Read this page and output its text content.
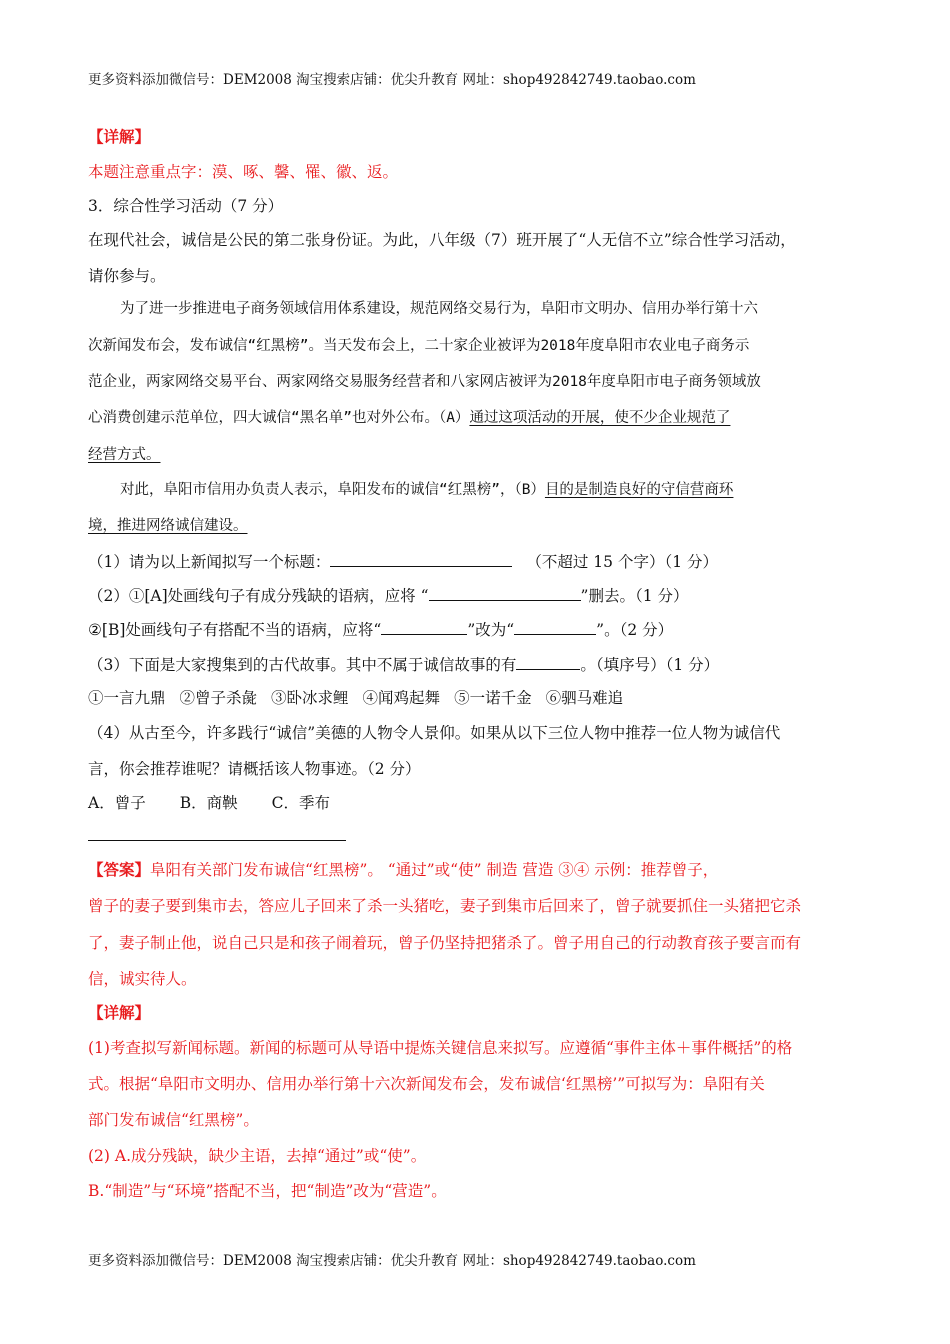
更多资料添加微信号：DEM2008 淘宝搜索店铺：优尖升教育 网址：shop492842749.taobao.com

【详解】

本题注意重点字：漠、啄、馨、罹、徽、返。

3．综合性学习活动（7 分）

在现代社会，诚信是公民的第二张身份证。为此，八年级（7）班开展了“人无信不立”综合性学习活动，

请你参与。

为了进一步推进电子商务领域信用体系建设，规范网络交易行为，阜阳市文明办、信用办举行第十六

次新闻发布会，发布诚信“红黑榜”。当天发布会上，二十家企业被评为2018年度阜阳市农业电子商务示

范企业，两家网络交易平台、两家网络交易服务经营者和八家网店被评为2018年度阜阳市电子商务领域放

心消费创建示范单位，四大诚信“黑名单”也对外公布。（A）通过这项活动的开展，使不少企业规范了

经营方式。

对此，阜阳市信用办负责人表示，阜阳发布的诚信“红黑榜”，（B）目的是制造良好的守信营商环

境，推进网络诚信建设。

（1）请为以上新闻拟写一个标题：	（不超过 15 个字）（1 分）

（2）①[A]处画线句子有成分残缺的语病，应将 “	”删去。（1 分）

②[B]处画线句子有搭配不当的语病，应将“	”改为“	”。（2 分）

（3）下面是大家搜集到的古代故事。其中不属于诚信故事的有	。（填序号）（1 分）

①一言九鼎 ②曾子杀彘 ③卧冰求鲤 ④闻鸡起舞 ⑤一诺千金 ⑥驷马难追

（4）从古至今，许多践行“诚信”美德的人物令人景仰。如果从以下三位人物中推荐一位人物为诚信代

言，你会推荐谁呢？请概括该人物事迹。（2 分）

A．曾子 B．商鞅 C．季布

【答案】阜阳有关部门发布诚信“红黑榜”。 “通过”或“使” 制造 营造 ③④ 示例：推荐曾子，

曾子的妻子要到集市去，答应儿子回来了杀一头猪吃，妻子到集市后回来了，曾子就要抓住一头猪把它杀

了，妻子制止他，说自己只是和孩子闹着玩，曾子仍坚持把猪杀了。曾子用自己的行动教育孩子要言而有

信，诚实待人。

【详解】

(1)考查拟写新闻标题。新闻的标题可从导语中提炼关键信息来拟写。应遵循“事件主体＋事件概括”的格

式。根据“阜阳市文明办、信用办举行第十六次新闻发布会，发布诚信‘红黑榜’”可拟写为：阜阳有关

部门发布诚信“红黑榜”。

(2) A.成分残缺，缺少主语，去掉“通过”或“使”。

B.“制造”与“环境”搭配不当，把“制造”改为“营造”。

更多资料添加微信号：DEM2008 淘宝搜索店铺：优尖升教育 网址：shop492842749.taobao.com
